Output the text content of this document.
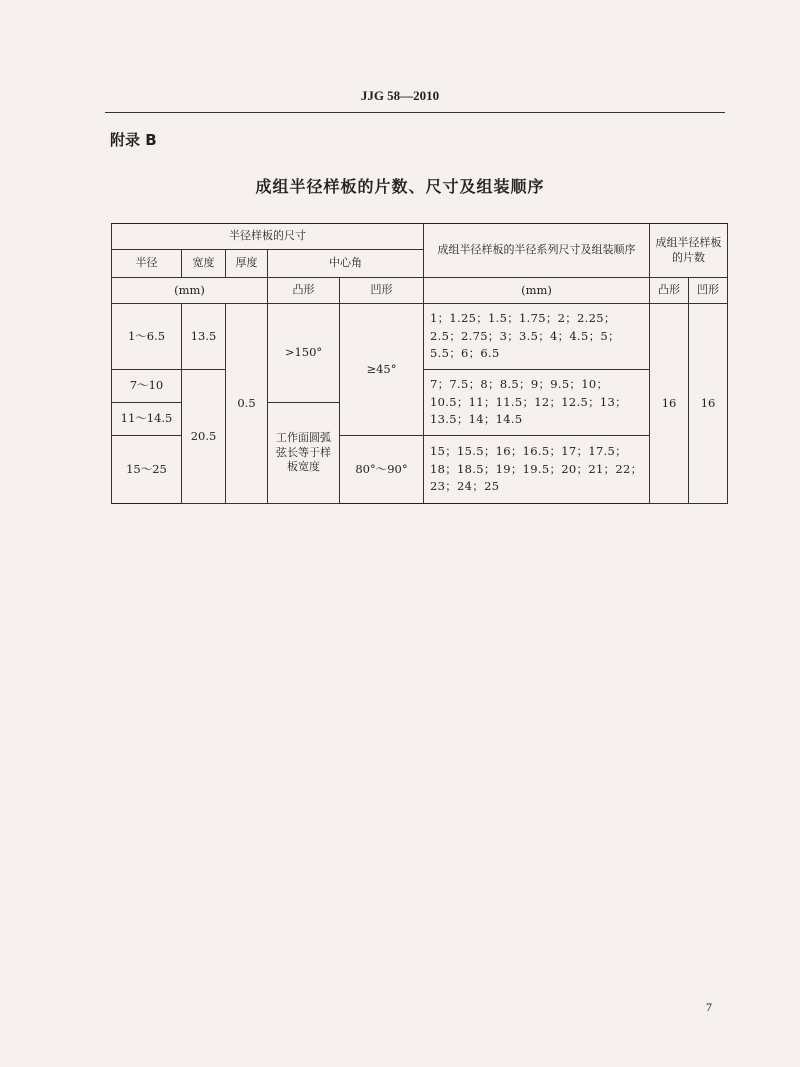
JJG 58—2010
附录 B
成组半径样板的片数、尺寸及组装顺序
半径样板的尺寸					成组半径样板的半径系列尺寸及组装顺序	成组半径样板的片数	
半径	宽度	厚度	中心角				
(mm)			凸形	凹形	(mm)	凸形	凹形
1～6.5	13.5	0.5	>150°	≥45°	1；1.25；1.5；1.75；2；2.25；2.5；2.75；3；3.5；4；4.5；5；5.5；6；6.5	16	16
7～10	20.5				7；7.5；8；8.5；9；9.5；10；10.5；11；11.5；12；12.5；13；13.5；14；14.5		
11～14.5			工作面圆弧弦长等于样板宽度				
15～25				80°～90°	15；15.5；16；16.5；17；17.5；18；18.5；19；19.5；20；21；22；23；24；25		
7
